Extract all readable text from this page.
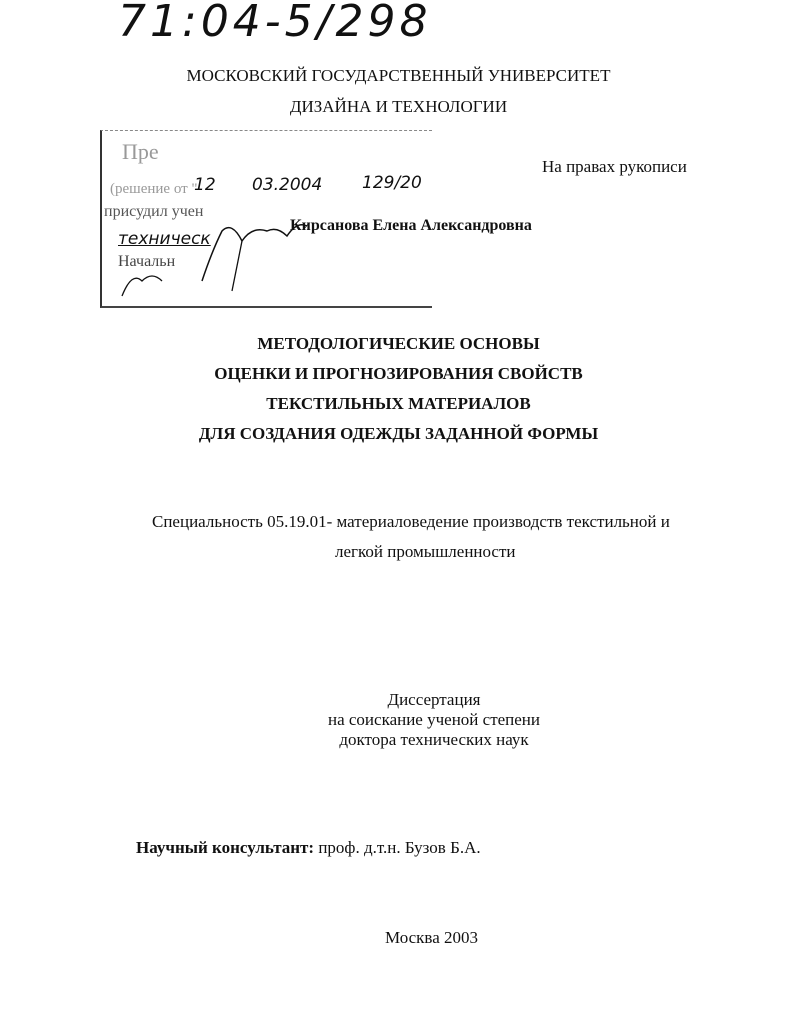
71:04-5/298
МОСКОВСКИЙ ГОСУДАРСТВЕННЫЙ УНИВЕРСИТЕТ
ДИЗАЙНА И ТЕХНОЛОГИИ
На правах рукописи
Пре
(решение от "
12 03.2004 129/20
присудил учен
техническ
Начальн
Кирсанова Елена Александровна
МЕТОДОЛОГИЧЕСКИЕ ОСНОВЫ
ОЦЕНКИ И ПРОГНОЗИРОВАНИЯ СВОЙСТВ
ТЕКСТИЛЬНЫХ МАТЕРИАЛОВ
ДЛЯ СОЗДАНИЯ ОДЕЖДЫ ЗАДАННОЙ ФОРМЫ
Специальность 05.19.01- материаловедение производств текстильной и
легкой промышленности
Диссертация
на соискание ученой степени
доктора технических наук
Научный консультант: проф. д.т.н. Бузов Б.А.
Москва 2003
